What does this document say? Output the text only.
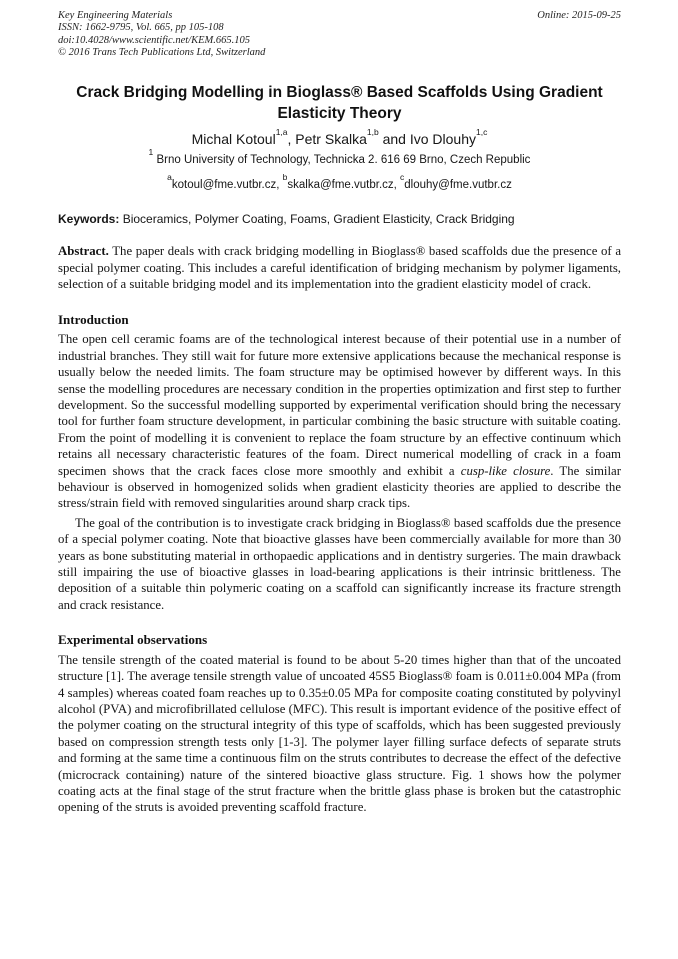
Key Engineering Materials
ISSN: 1662-9795, Vol. 665, pp 105-108
doi:10.4028/www.scientific.net/KEM.665.105
© 2016 Trans Tech Publications Ltd, Switzerland
Online: 2015-09-25
Crack Bridging Modelling in Bioglass® Based Scaffolds Using Gradient Elasticity Theory
Michal Kotoul$^{1,a}$, Petr Skalka$^{1,b}$ and Ivo Dlouhy$^{1,c}$
$^1$ Brno University of Technology, Technicka 2. 616 69 Brno, Czech Republic
$^a$kotoul@fme.vutbr.cz, $^b$skalka@fme.vutbr.cz, $^c$dlouhy@fme.vutbr.cz

Keywords: Bioceramics, Polymer Coating, Foams, Gradient Elasticity, Crack Bridging

Abstract. The paper deals with crack bridging modelling in Bioglass® based scaffolds due the presence of a special polymer coating. This includes a careful identification of bridging mechanism by polymer ligaments, selection of a suitable bridging model and its implementation into the gradient elasticity model of crack.

Introduction

The open cell ceramic foams are of the technological interest because of their potential use in a number of industrial branches. They still wait for future more extensive applications because the mechanical response is usually below the needed limits. The foam structure may be optimised however by different ways. In this sense the modelling procedures are necessary condition in the properties optimization and first step to further development. So the successful modelling supported by experimental verification should bring the necessary tool for further foam structure development, in particular combining the basic structure with suitable coating. From the point of modelling it is convenient to replace the foam structure by an effective continuum which retains all necessary characteristic features of the foam. Direct numerical modelling of crack in a foam specimen shows that the crack faces close more smoothly and exhibit a cusp-like closure. The similar behaviour is observed in homogenized solids when gradient elasticity theories are applied to describe the stress/strain field with removed singularities around sharp crack tips.

The goal of the contribution is to investigate crack bridging in Bioglass® based scaffolds due the presence of a special polymer coating. Note that bioactive glasses have been commercially available for more than 30 years as bone substituting material in orthopaedic applications and in dentistry surgeries. The main drawback still impairing the use of bioactive glasses in load-bearing applications is their intrinsic brittleness. The deposition of a suitable thin polymeric coating on a scaffold can significantly increase its fracture strength and crack resistance.

Experimental observations

The tensile strength of the coated material is found to be about 5-20 times higher than that of the uncoated structure [1]. The average tensile strength value of uncoated 45S5 Bioglass® foam is 0.011±0.004 MPa (from 4 samples) whereas coated foam reaches up to 0.35±0.05 MPa for composite coating constituted by polyvinyl alcohol (PVA) and microfibrillated cellulose (MFC). This result is important evidence of the positive effect of the polymer coating on the structural integrity of this type of scaffolds, which has been suggested previously based on compression strength tests only [1-3]. The polymer layer filling surface defects of separate struts and forming at the same time a continuous film on the struts contributes to decrease the effect of the defective (microcrack containing) nature of the sintered bioactive glass structure. Fig. 1 shows how the polymer coating acts at the final stage of the strut fracture when the brittle glass phase is broken but the catastrophic opening of the struts is avoided preventing scaffold fracture.
